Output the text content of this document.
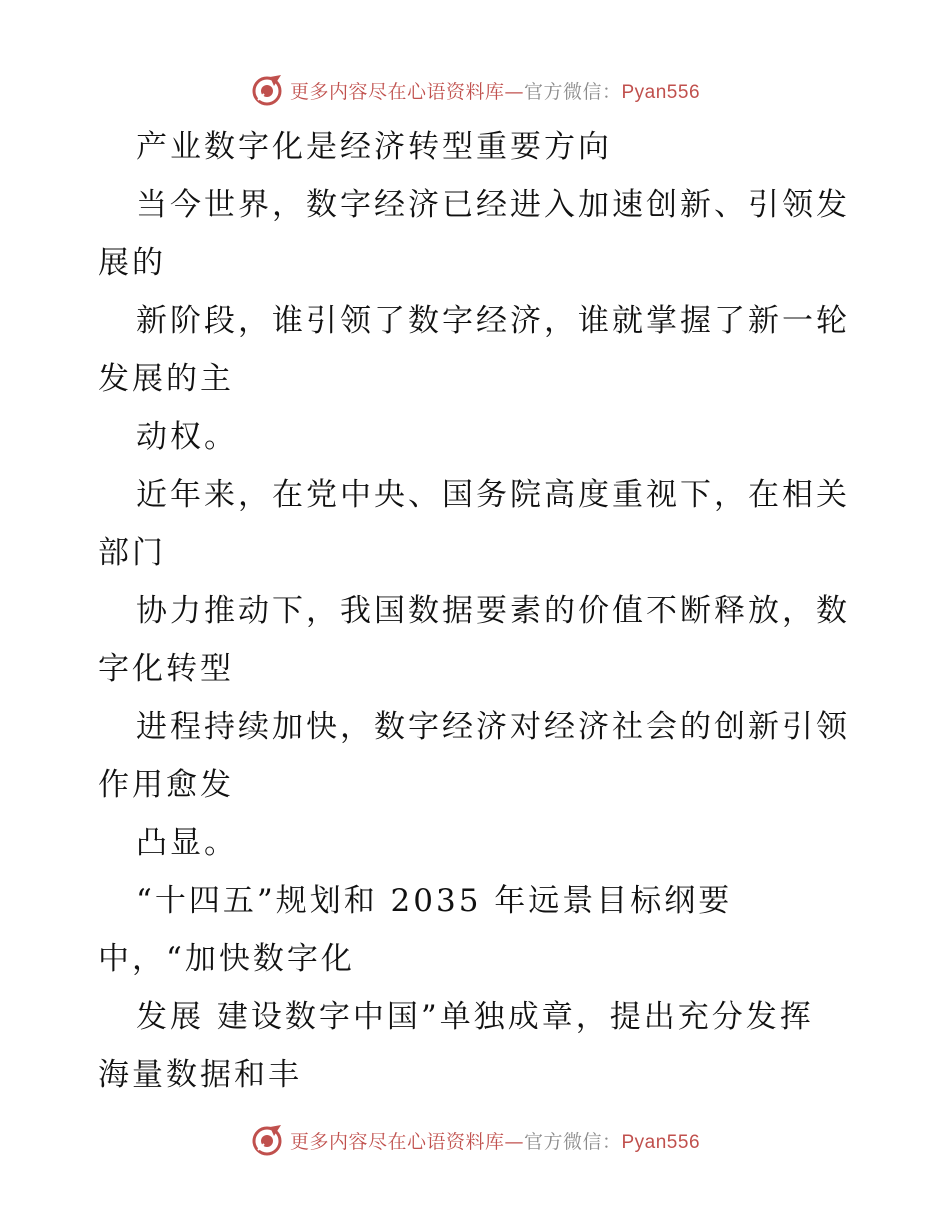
更多内容尽在心语资料库—官方微信：Pyan556
产业数字化是经济转型重要方向
当今世界，数字经济已经进入加速创新、引领发
展的
新阶段，谁引领了数字经济，谁就掌握了新一轮
发展的主
动权。
近年来，在党中央、国务院高度重视下，在相关
部门
协力推动下，我国数据要素的价值不断释放，数
字化转型
进程持续加快，数字经济对经济社会的创新引领
作用愈发
凸显。
“十四五”规划和 2035 年远景目标纲要
中，“加快数字化
发展 建设数字中国”单独成章，提出充分发挥
海量数据和丰
更多内容尽在心语资料库—官方微信：Pyan556
